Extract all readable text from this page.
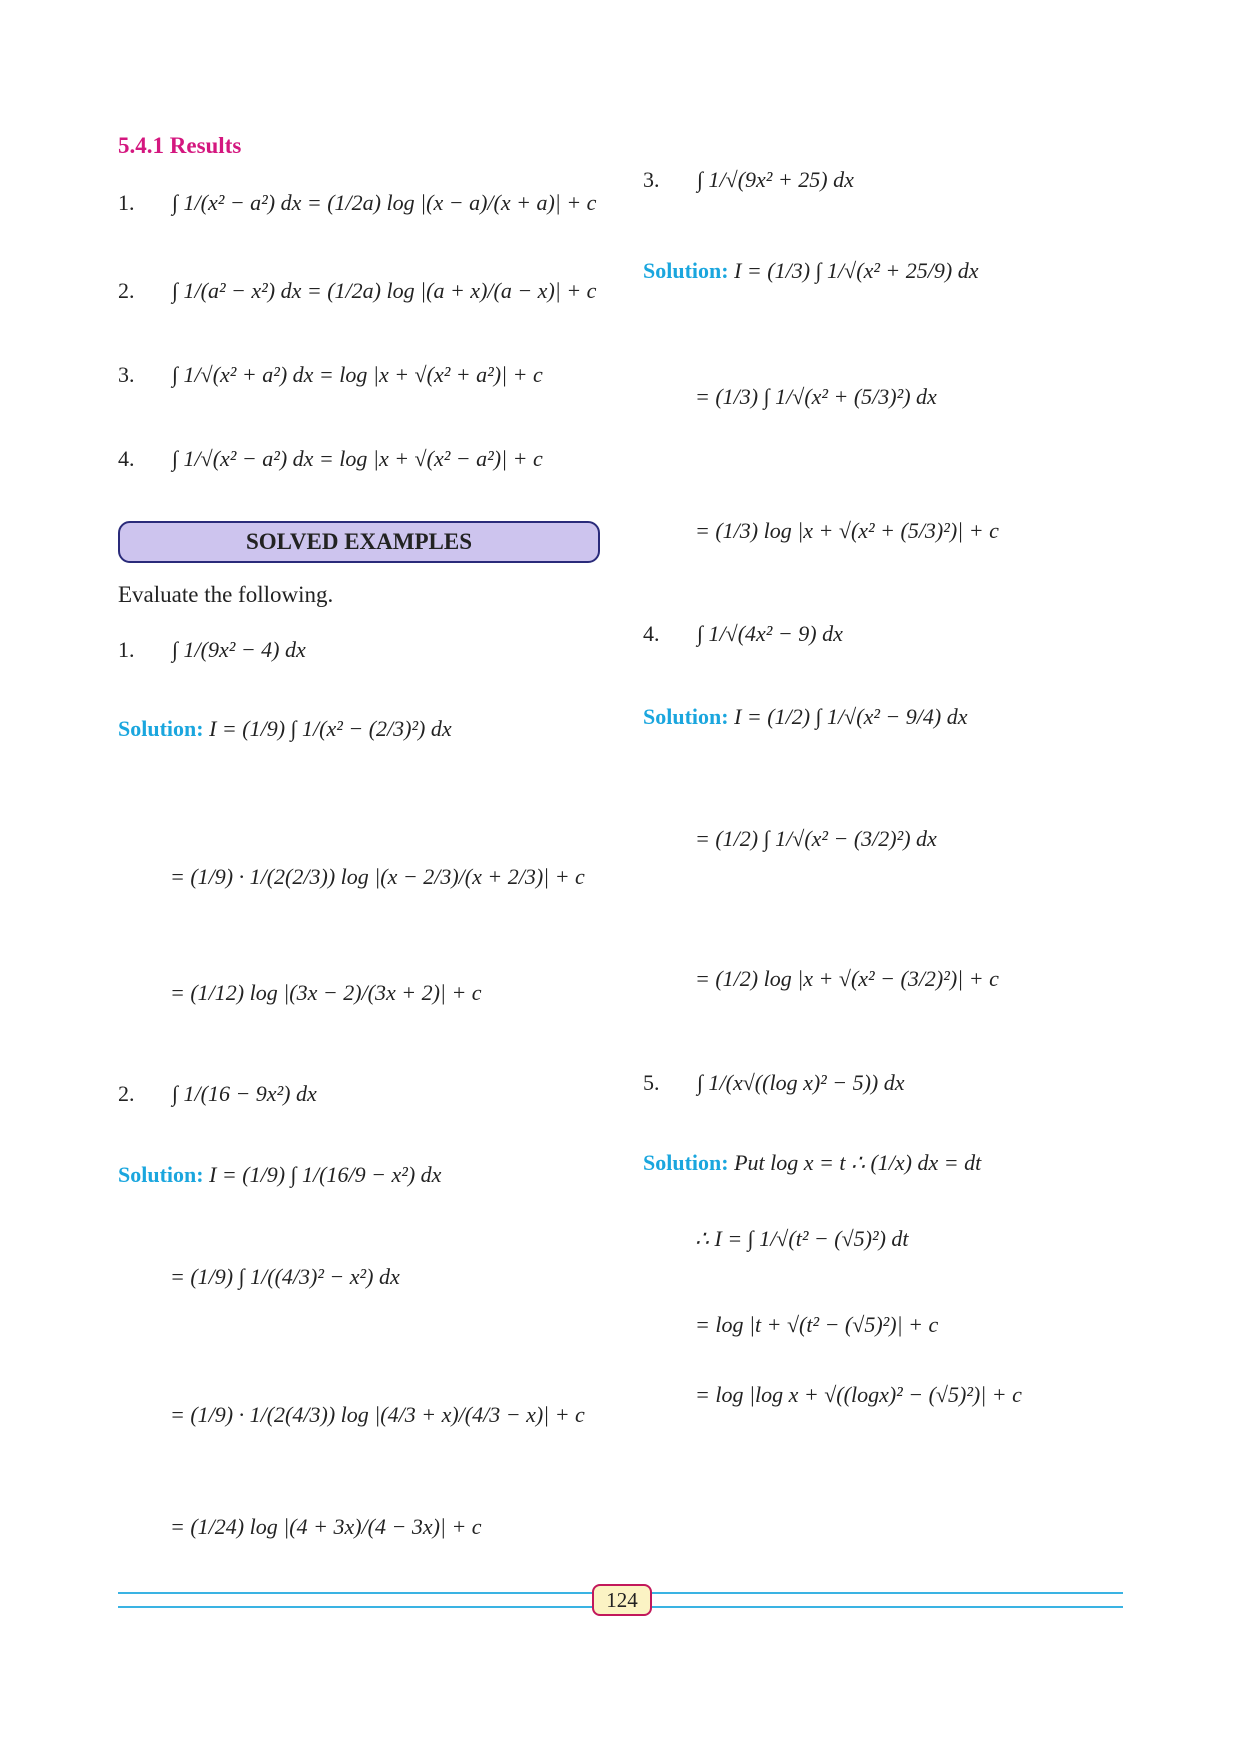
5.4.1 Results
1. ∫ 1/(x² − a²) dx = (1/2a) log |(x − a)/(x + a)| + c
2. ∫ 1/(a² − x²) dx = (1/2a) log |(a + x)/(a − x)| + c
3. ∫ 1/√(x² + a²) dx = log |x + √(x² + a²)| + c
4. ∫ 1/√(x² − a²) dx = log |x + √(x² − a²)| + c
SOLVED EXAMPLES
Evaluate the following.
1. ∫ 1/(9x² − 4) dx
Solution: I = (1/9) ∫ 1/(x² − (2/3)²) dx
= (1/9) · 1/(2(2/3)) log |(x − 2/3)/(x + 2/3)| + c
= (1/12) log |(3x − 2)/(3x + 2)| + c
2. ∫ 1/(16 − 9x²) dx
Solution: I = (1/9) ∫ 1/(16/9 − x²) dx
= (1/9) ∫ 1/((4/3)² − x²) dx
= (1/9) · 1/(2(4/3)) log |(4/3 + x)/(4/3 − x)| + c
= (1/24) log |(4 + 3x)/(4 − 3x)| + c
3. ∫ 1/√(9x² + 25) dx
Solution: I = (1/3) ∫ 1/√(x² + 25/9) dx
= (1/3) ∫ 1/√(x² + (5/3)²) dx
= (1/3) log |x + √(x² + (5/3)²)| + c
4. ∫ 1/√(4x² − 9) dx
Solution: I = (1/2) ∫ 1/√(x² − 9/4) dx
= (1/2) ∫ 1/√(x² − (3/2)²) dx
= (1/2) log |x + √(x² − (3/2)²)| + c
5. ∫ 1/(x√((log x)² − 5)) dx
Solution: Put log x = t ∴ (1/x) dx = dt
∴ I = ∫ 1/√(t² − (√5)²) dt
= log |t + √(t² − (√5)²)| + c
= log |log x + √((logx)² − (√5)²)| + c
124
